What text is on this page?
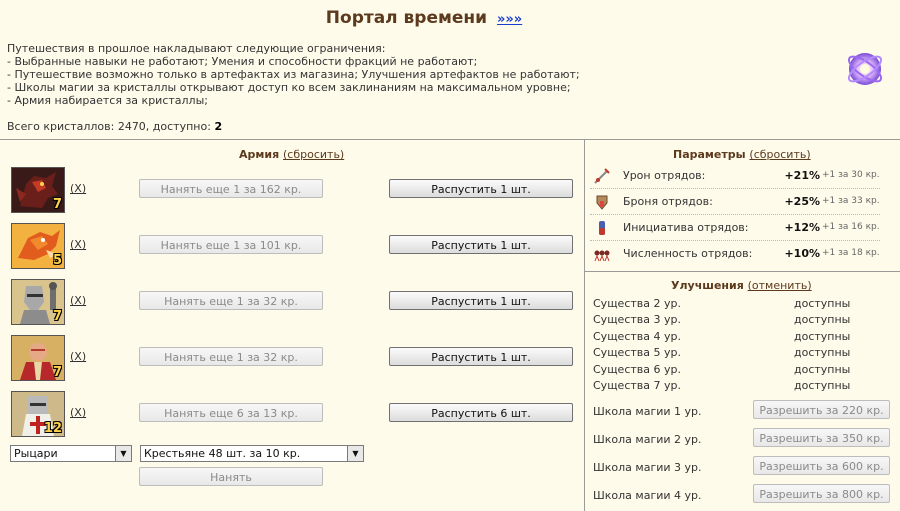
Портал времени »»»
Путешествия в прошлое накладывают следующие ограничения:
- Выбранные навыки не работают; Умения и способности фракций не работают;
- Путешествие возможно только в артефактах из магазина; Улучшения артефактов не работают;
- Школы магии за кристаллы открывают доступ ко всем заклинаниям на максимальном уровне;
- Армия набирается за кристаллы;
Всего кристаллов: 2470, доступно: 2
Армия (сбросить)
7
(X)	Нанять еще 1 за 162 кр.	Распустить 1 шт.
5
(X)	Нанять еще 1 за 101 кр.	Распустить 1 шт.
7
(X)	Нанять еще 1 за 32 кр.	Распустить 1 шт.
7
(X)	Нанять еще 1 за 32 кр.	Распустить 1 шт.
12
(X)	Нанять еще 6 за 13 кр.	Распустить 6 шт.
Рыцари	▼	Крестьяне 48 шт. за 10 кр.	▼
Нанять
Параметры (сбросить)
Урон отрядов:	+21% +1 за 30 кр.
Броня отрядов:	+25% +1 за 33 кр.
Инициатива отрядов:	+12% +1 за 16 кр.
Численность отрядов:	+10% +1 за 18 кр.
Улучшения (отменить)
Существа 2 ур.	доступны
Существа 3 ур.	доступны
Существа 4 ур.	доступны
Существа 5 ур.	доступны
Существа 6 ур.	доступны
Существа 7 ур.	доступны
Школа магии 1 ур.	Разрешить за 220 кр.
Школа магии 2 ур.	Разрешить за 350 кр.
Школа магии 3 ур.	Разрешить за 600 кр.
Школа магии 4 ур.	Разрешить за 800 кр.
